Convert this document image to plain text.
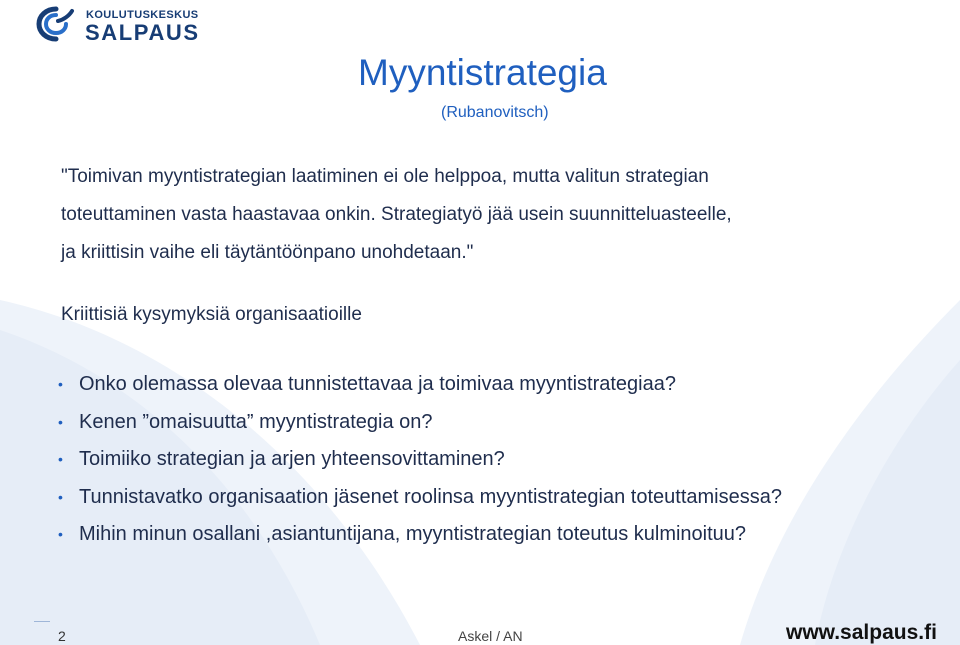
KOULUTUSKESKUS
SALPAUS
Myyntistrategia
(Rubanovitsch)
"Toimivan myyntistrategian laatiminen ei ole helppoa, mutta valitun strategian
toteuttaminen vasta haastavaa onkin. Strategiatyö jää usein suunnitteluasteelle,
ja kriittisin vaihe eli täytäntöönpano unohdetaan."
Kriittisiä kysymyksiä organisaatioille
• Onko olemassa olevaa tunnistettavaa ja toimivaa myyntistrategiaa?
• Kenen ”omaisuutta” myyntistrategia on?
• Toimiiko strategian ja arjen yhteensovittaminen?
• Tunnistavatko organisaation jäsenet roolinsa myyntistrategian toteuttamisessa?
• Mihin minun osallani ,asiantuntijana, myyntistrategian toteutus kulminoituu?
2	Askel / AN	www.salpaus.fi
